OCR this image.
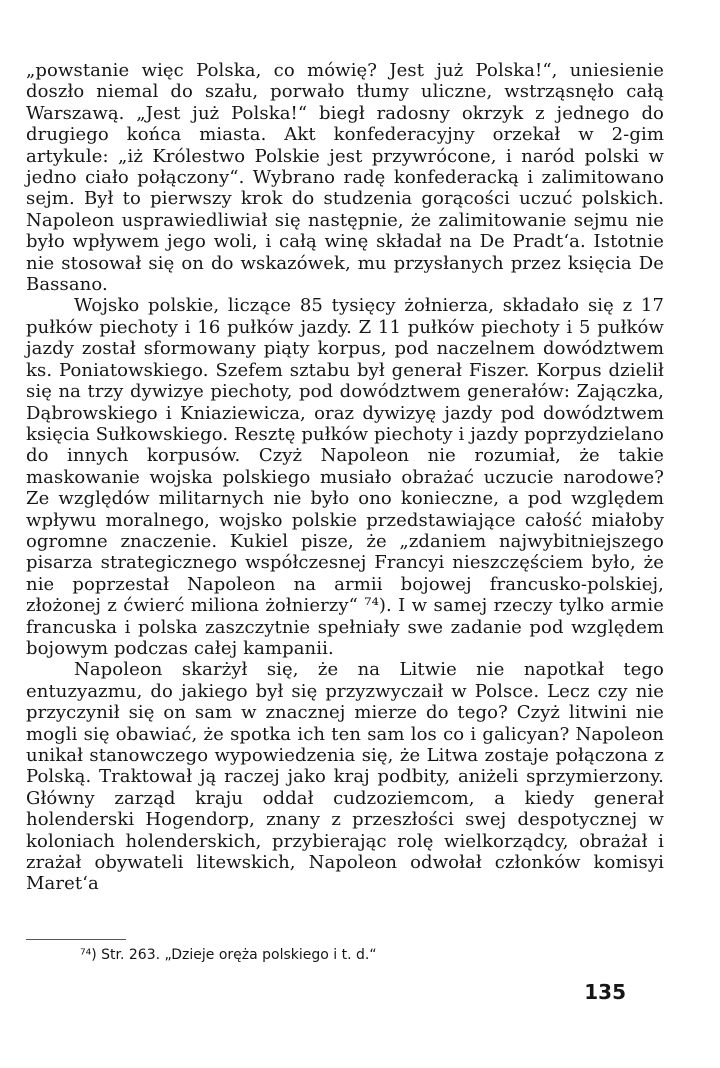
„powstanie więc Polska, co mówię? Jest już Polska!“, uniesienie doszło niemal do szału, porwało tłumy uliczne, wstrząsnęło całą Warszawą. „Jest już Polska!“ biegł radosny okrzyk z jednego do drugiego końca miasta. Akt konfederacyjny orzekał w 2-gim artykule: „iż Królestwo Polskie jest przywrócone, i naród polski w jedno ciało połączony“. Wybrano radę konfederacką i zalimitowano sejm. Był to pierwszy krok do studzenia gorącości uczuć polskich. Napoleon usprawiedliwiał się następnie, że zalimitowanie sejmu nie było wpływem jego woli, i całą winę składał na De Pradt‘a. Istotnie nie stosował się on do wskazówek, mu przysłanych przez księcia De Bassano.

Wojsko polskie, liczące 85 tysięcy żołnierza, składało się z 17 pułków piechoty i 16 pułków jazdy. Z 11 pułków piechoty i 5 pułków jazdy został sformowany piąty korpus, pod naczelnem dowództwem ks. Poniatowskiego. Szefem sztabu był generał Fiszer. Korpus dzielił się na trzy dywizye piechoty, pod dowództwem generałów: Zajączka, Dąbrowskiego i Kniaziewicza, oraz dywizyę jazdy pod dowództwem księcia Sułkowskiego. Resztę pułków piechoty i jazdy poprzydzielano do innych korpusów. Czyż Napoleon nie rozumiał, że takie maskowanie wojska polskiego musiało obrażać uczucie narodowe? Ze względów militarnych nie było ono konieczne, a pod względem wpływu moralnego, wojsko polskie przedstawiające całość miałoby ogromne znaczenie. Kukiel pisze, że „zdaniem najwybitniejszego pisarza strategicznego współczesnej Francyi nieszczęściem było, że nie poprzestał Napoleon na armii bojowej francusko-polskiej, złożonej z ćwierć miliona żołnierzy“ ⁷⁴). I w samej rzeczy tylko armie francuska i polska zaszczytnie spełniały swe zadanie pod względem bojowym podczas całej kampanii.

Napoleon skarżył się, że na Litwie nie napotkał tego entuzyazmu, do jakiego był się przyzwyczaił w Polsce. Lecz czy nie przyczynił się on sam w znacznej mierze do tego? Czyż litwini nie mogli się obawiać, że spotka ich ten sam los co i galicyan? Napoleon unikał stanowczego wypowiedzenia się, że Litwa zostaje połączona z Polską. Traktował ją raczej jako kraj podbity, aniżeli sprzymierzony. Główny zarząd kraju oddał cudzoziemcom, a kiedy generał holenderski Hogendorp, znany z przeszłości swej despotycznej w koloniach holenderskich, przybierając rolę wielkorządcy, obrażał i zrażał obywateli litewskich, Napoleon odwołał członków komisyi Maret‘a

⁷⁴) Str. 263. „Dzieje oręża polskiego i t. d.“
135
